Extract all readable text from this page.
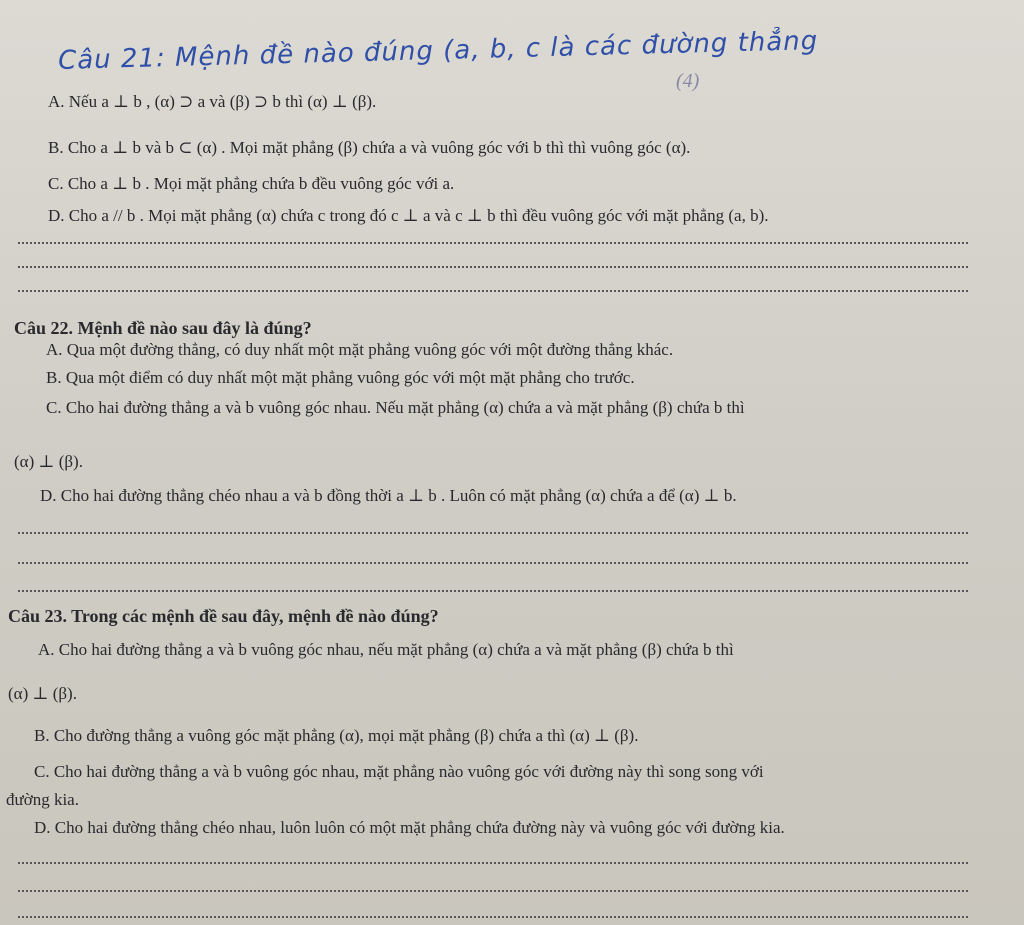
Câu 21: Mệnh đề nào đúng (a, b, c là các đường thẳng
(4)
A. Nếu a ⊥ b , (α) ⊃ a và (β) ⊃ b thì (α) ⊥ (β).
B. Cho a ⊥ b và b ⊂ (α) . Mọi mặt phẳng (β) chứa a và vuông góc với b thì thì vuông góc (α).
C. Cho a ⊥ b . Mọi mặt phẳng chứa b đều vuông góc với a.
D. Cho a // b . Mọi mặt phẳng (α) chứa c trong đó c ⊥ a và c ⊥ b thì đều vuông góc với mặt phẳng (a, b).
Câu 22. Mệnh đề nào sau đây là đúng?
A. Qua một đường thẳng, có duy nhất một mặt phẳng vuông góc với một đường thẳng khác.
B. Qua một điểm có duy nhất một mặt phẳng vuông góc với một mặt phẳng cho trước.
C. Cho hai đường thẳng a và b vuông góc nhau. Nếu mặt phẳng (α) chứa a và mặt phẳng (β) chứa b thì
(α) ⊥ (β).
D. Cho hai đường thẳng chéo nhau a và b đồng thời a ⊥ b . Luôn có mặt phẳng (α) chứa a để (α) ⊥ b.
Câu 23. Trong các mệnh đề sau đây, mệnh đề nào đúng?
A. Cho hai đường thẳng a và b vuông góc nhau, nếu mặt phẳng (α) chứa a và mặt phẳng (β) chứa b thì
(α) ⊥ (β).
B. Cho đường thẳng a vuông góc mặt phẳng (α), mọi mặt phẳng (β) chứa a thì (α) ⊥ (β).
C. Cho hai đường thẳng a và b vuông góc nhau, mặt phẳng nào vuông góc với đường này thì song song với
đường kia.
D. Cho hai đường thẳng chéo nhau, luôn luôn có một mặt phẳng chứa đường này và vuông góc với đường kia.
